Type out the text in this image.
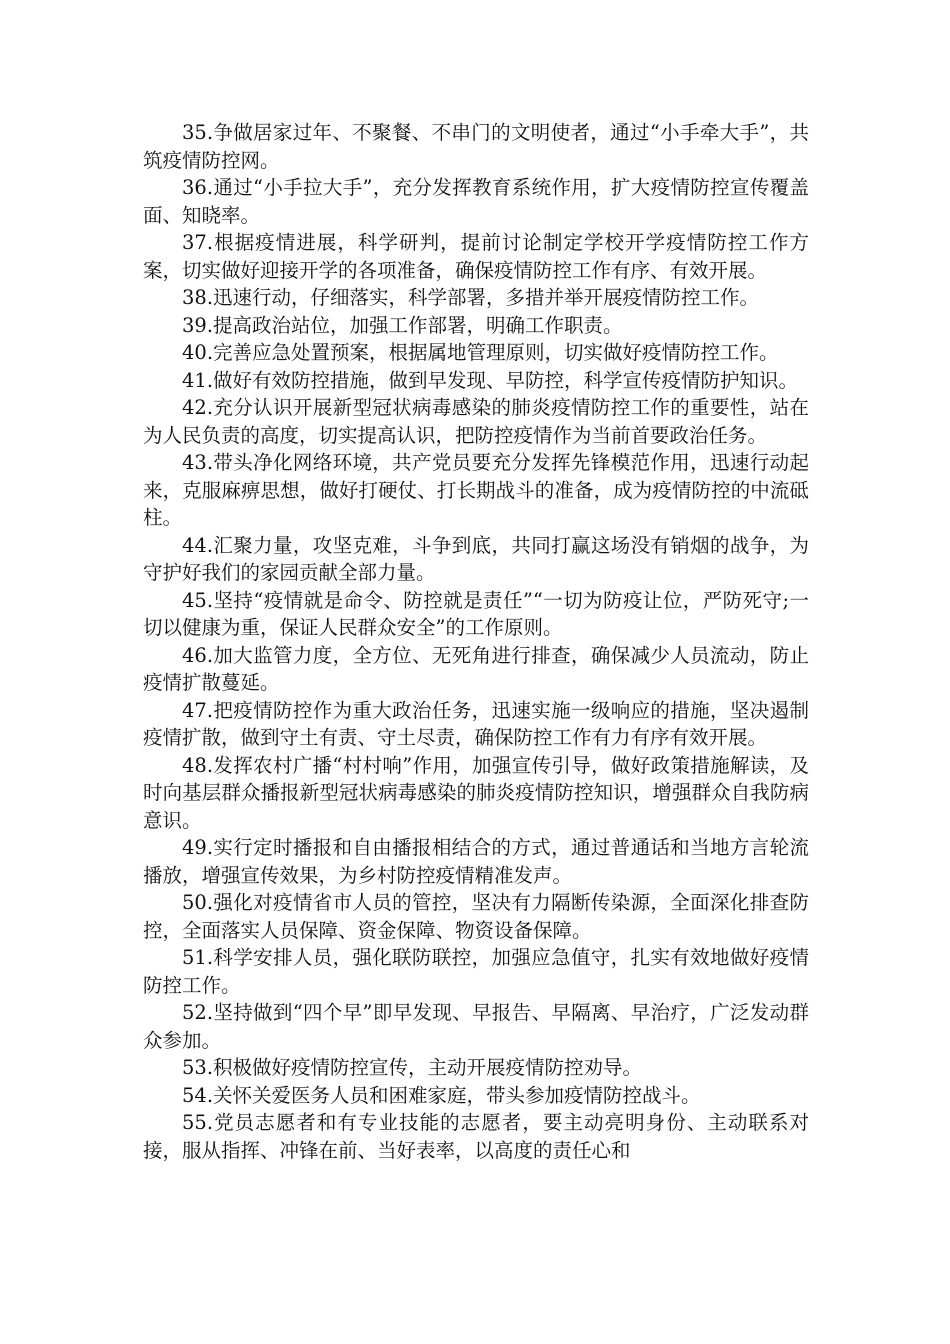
35.争做居家过年、不聚餐、不串门的文明使者，通过“小手牵大手”，共筑疫情防控网。

36.通过“小手拉大手”，充分发挥教育系统作用，扩大疫情防控宣传覆盖面、知晓率。

37.根据疫情进展，科学研判，提前讨论制定学校开学疫情防控工作方案，切实做好迎接开学的各项准备，确保疫情防控工作有序、有效开展。

38.迅速行动，仔细落实，科学部署，多措并举开展疫情防控工作。

39.提高政治站位，加强工作部署，明确工作职责。

40.完善应急处置预案，根据属地管理原则，切实做好疫情防控工作。

41.做好有效防控措施，做到早发现、早防控，科学宣传疫情防护知识。

42.充分认识开展新型冠状病毒感染的肺炎疫情防控工作的重要性，站在为人民负责的高度，切实提高认识，把防控疫情作为当前首要政治任务。

43.带头净化网络环境，共产党员要充分发挥先锋模范作用，迅速行动起来，克服麻痹思想，做好打硬仗、打长期战斗的准备，成为疫情防控的中流砥柱。

44.汇聚力量，攻坚克难，斗争到底，共同打赢这场没有销烟的战争，为守护好我们的家园贡献全部力量。

45.坚持“疫情就是命令、防控就是责任”“一切为防疫让位，严防死守;一切以健康为重，保证人民群众安全”的工作原则。

46.加大监管力度，全方位、无死角进行排查，确保减少人员流动，防止疫情扩散蔓延。

47.把疫情防控作为重大政治任务，迅速实施一级响应的措施，坚决遏制疫情扩散，做到守土有责、守土尽责，确保防控工作有力有序有效开展。

48.发挥农村广播“村村响”作用，加强宣传引导，做好政策措施解读，及时向基层群众播报新型冠状病毒感染的肺炎疫情防控知识，增强群众自我防病意识。

49.实行定时播报和自由播报相结合的方式，通过普通话和当地方言轮流播放，增强宣传效果，为乡村防控疫情精准发声。

50.强化对疫情省市人员的管控，坚决有力隔断传染源，全面深化排查防控，全面落实人员保障、资金保障、物资设备保障。

51.科学安排人员，强化联防联控，加强应急值守，扎实有效地做好疫情防控工作。

52.坚持做到“四个早”即早发现、早报告、早隔离、早治疗，广泛发动群众参加。

53.积极做好疫情防控宣传，主动开展疫情防控劝导。

54.关怀关爱医务人员和困难家庭，带头参加疫情防控战斗。

55.党员志愿者和有专业技能的志愿者，要主动亮明身份、主动联系对接，服从指挥、冲锋在前、当好表率，以高度的责任心和
